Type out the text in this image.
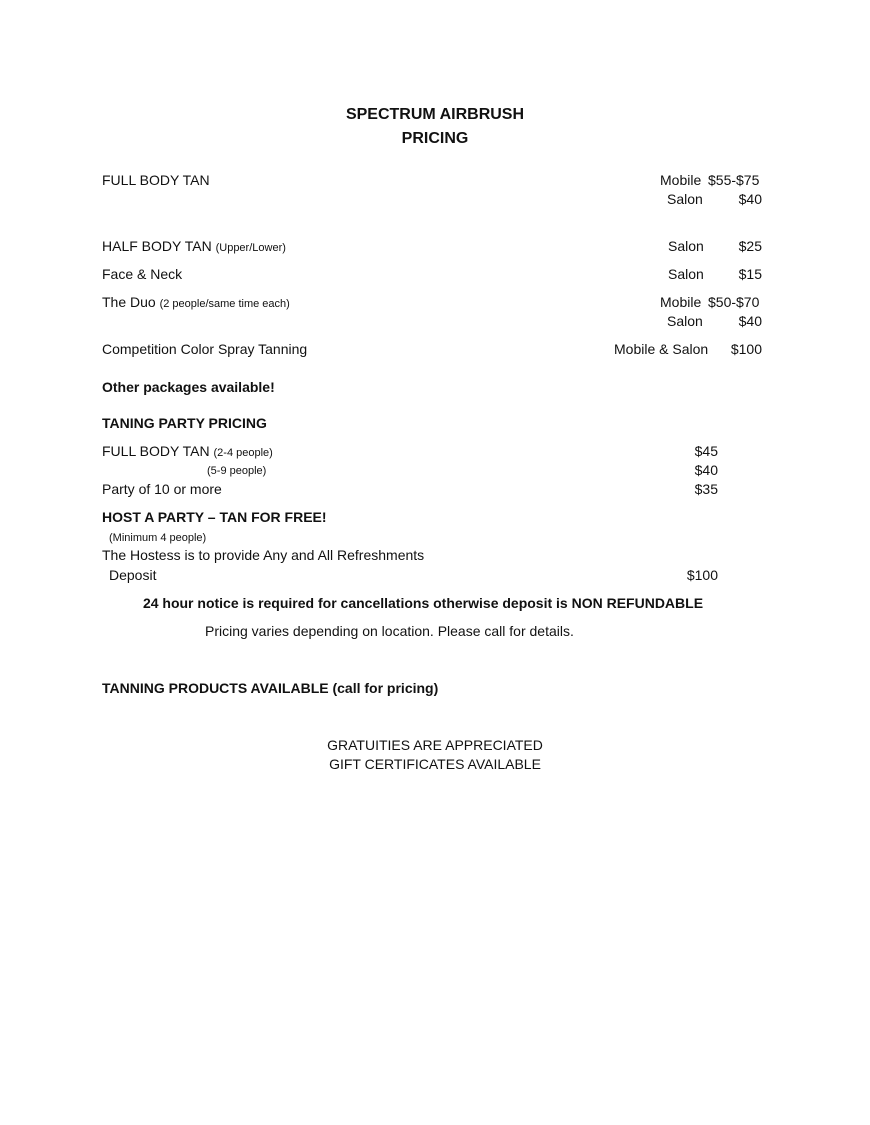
SPECTRUM AIRBRUSH
PRICING
FULL BODY TAN	Mobile $55-$75
Salon	$40
HALF BODY TAN (Upper/Lower)	Salon	$25
Face & Neck	Salon	$15
The Duo (2 people/same time each)	Mobile $50-$70
Salon	$40
Competition Color Spray Tanning	Mobile & Salon	$100
Other packages available!
TANING PARTY PRICING
FULL BODY TAN (2-4 people)	$45
(5-9 people)	$40
Party of 10 or more	$35
HOST A PARTY – TAN FOR FREE!
(Minimum 4 people)
The Hostess is to provide Any and All Refreshments
Deposit	$100
24 hour notice is required for cancellations otherwise deposit is NON REFUNDABLE
Pricing varies depending on location. Please call for details.
TANNING PRODUCTS AVAILABLE (call for pricing)
GRATUITIES ARE APPRECIATED
GIFT CERTIFICATES AVAILABLE
